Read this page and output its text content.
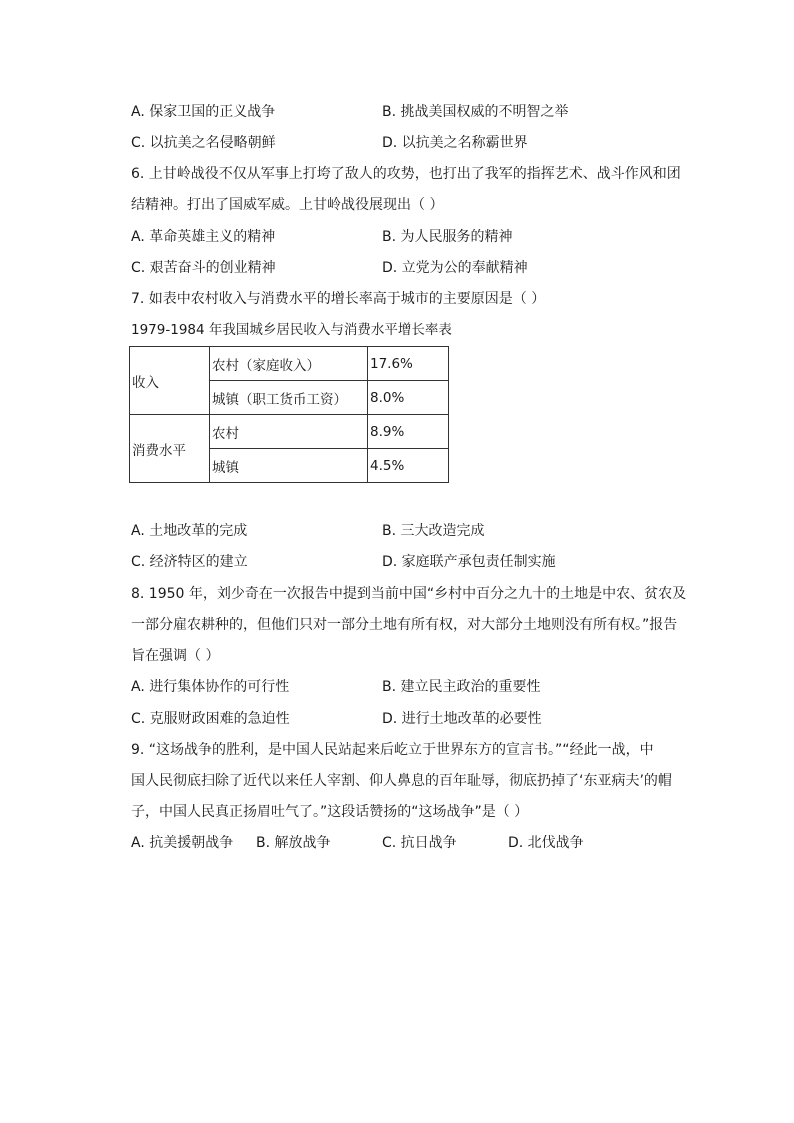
A. 保家卫国的正义战争	B. 挑战美国权威的不明智之举
C. 以抗美之名侵略朝鲜	D. 以抗美之名称霸世界
6. 上甘岭战役不仅从军事上打垮了敌人的攻势，也打出了我军的指挥艺术、战斗作风和团
结精神。打出了国威军威。上甘岭战役展现出（ ）
A. 革命英雄主义的精神	B. 为人民服务的精神
C. 艰苦奋斗的创业精神	D. 立党为公的奉献精神
7. 如表中农村收入与消费水平的增长率高于城市的主要原因是（ ）
1979-1984 年我国城乡居民收入与消费水平增长率表
收入	农村（家庭收入）	17.6%
	城镇（职工货币工资）	8.0%
消费水平	农村	8.9%
	城镇	4.5%
A. 土地改革的完成	B. 三大改造完成
C. 经济特区的建立	D. 家庭联产承包责任制实施
8. 1950 年，刘少奇在一次报告中提到当前中国“乡村中百分之九十的土地是中农、贫农及
一部分雇农耕种的，但他们只对一部分土地有所有权，对大部分土地则没有所有权。”报告
旨在强调（ ）
A. 进行集体协作的可行性	B. 建立民主政治的重要性
C. 克服财政困难的急迫性	D. 进行土地改革的必要性
9. “这场战争的胜利，是中国人民站起来后屹立于世界东方的宣言书。”“经此一战，中
国人民彻底扫除了近代以来任人宰割、仰人鼻息的百年耻辱，彻底扔掉了‘东亚病夫’的帽
子，中国人民真正扬眉吐气了。”这段话赞扬的“这场战争”是（ ）
A. 抗美援朝战争 B. 解放战争	C. 抗日战争	D. 北伐战争
